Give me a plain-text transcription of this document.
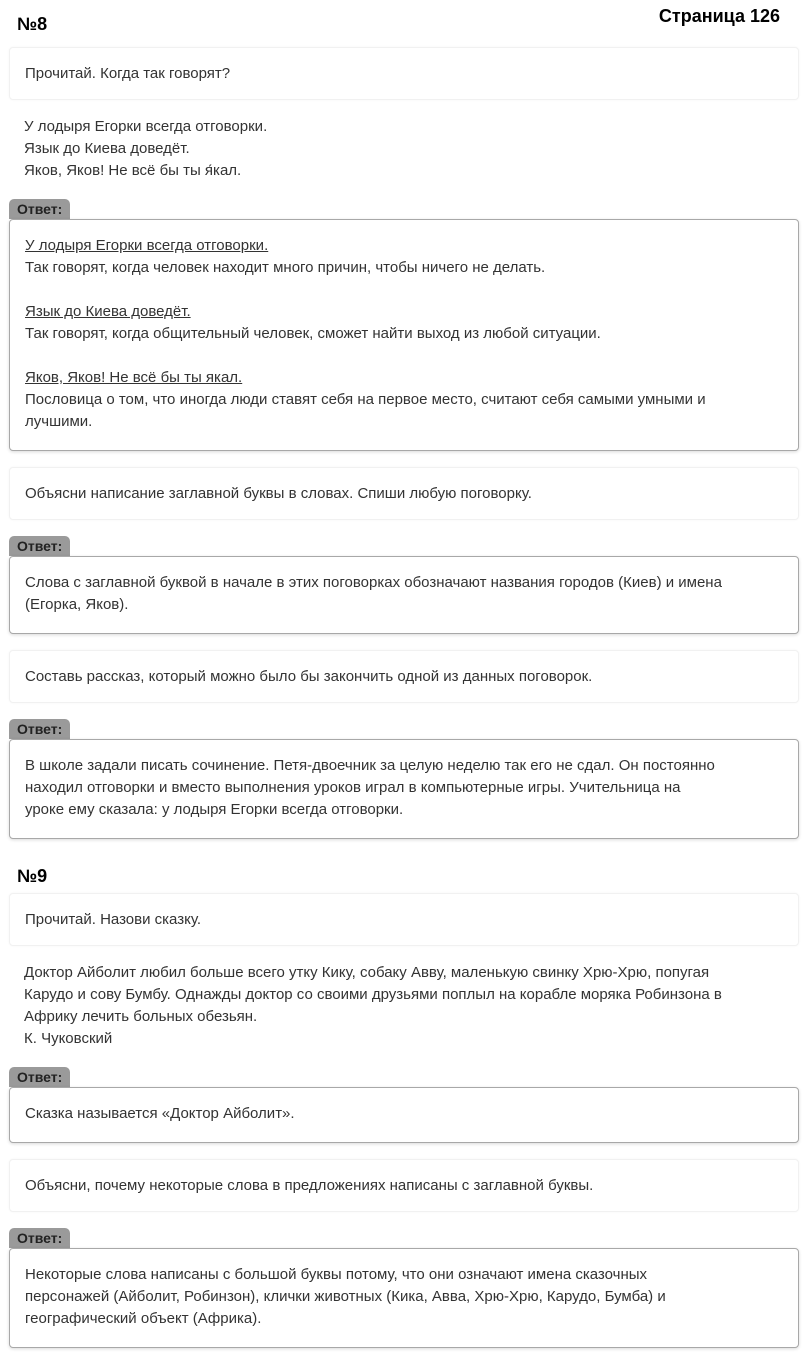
Страница 126
№8
Прочитай. Когда так говорят?
У лодыря Егорки всегда отговорки.
Язык до Киева доведёт.
Яков, Яков! Не всё бы ты я́кал.
Ответ:
У лодыря Егорки всегда отговорки.
Так говорят, когда человек находит много причин, чтобы ничего не делать.
Язык до Киева доведёт.
Так говорят, когда общительный человек, сможет найти выход из любой ситуации.
Яков, Яков! Не всё бы ты якал.
Пословица о том, что иногда люди ставят себя на первое место, считают себя самыми умными и
лучшими.
Объясни написание заглавной буквы в словах. Спиши любую поговорку.
Ответ:
Слова с заглавной буквой в начале в этих поговорках обозначают названия городов (Киев) и имена
(Егорка, Яков).
Составь рассказ, который можно было бы закончить одной из данных поговорок.
Ответ:
В школе задали писать сочинение. Петя-двоечник за целую неделю так его не сдал. Он постоянно
находил отговорки и вместо выполнения уроков играл в компьютерные игры. Учительница на
уроке ему сказала: у лодыря Егорки всегда отговорки.
№9
Прочитай. Назови сказку.
Доктор Айболит любил больше всего утку Кику, собаку Авву, маленькую свинку Хрю-Хрю, попугая
Карудо и сову Бумбу. Однажды доктор со своими друзьями поплыл на корабле моряка Робинзона в
Африку лечить больных обезьян.
К. Чуковский
Ответ:
Сказка называется «Доктор Айболит».
Объясни, почему некоторые слова в предложениях написаны с заглавной буквы.
Ответ:
Некоторые слова написаны с большой буквы потому, что они означают имена сказочных
персонажей (Айболит, Робинзон), клички животных (Кика, Авва, Хрю-Хрю, Карудо, Бумба) и
географический объект (Африка).
